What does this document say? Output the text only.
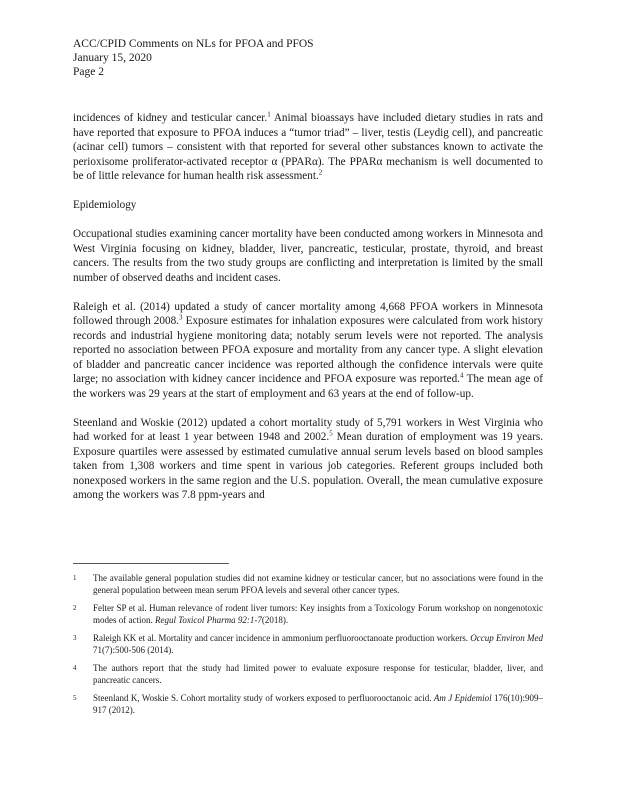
ACC/CPID Comments on NLs for PFOA and PFOS
January 15, 2020
Page 2

incidences of kidney and testicular cancer.$^1$ Animal bioassays have included dietary studies in rats and have reported that exposure to PFOA induces a “tumor triad” – liver, testis (Leydig cell), and pancreatic (acinar cell) tumors – consistent with that reported for several other substances known to activate the perioxisome proliferator-activated receptor α (PPARα). The PPARα mechanism is well documented to be of little relevance for human health risk assessment.$^2$

Epidemiology

Occupational studies examining cancer mortality have been conducted among workers in Minnesota and West Virginia focusing on kidney, bladder, liver, pancreatic, testicular, prostate, thyroid, and breast cancers. The results from the two study groups are conflicting and interpretation is limited by the small number of observed deaths and incident cases.

Raleigh et al. (2014) updated a study of cancer mortality among 4,668 PFOA workers in Minnesota followed through 2008.$^3$ Exposure estimates for inhalation exposures were calculated from work history records and industrial hygiene monitoring data; notably serum levels were not reported. The analysis reported no association between PFOA exposure and mortality from any cancer type. A slight elevation of bladder and pancreatic cancer incidence was reported although the confidence intervals were quite large; no association with kidney cancer incidence and PFOA exposure was reported.$^4$ The mean age of the workers was 29 years at the start of employment and 63 years at the end of follow-up.

Steenland and Woskie (2012) updated a cohort mortality study of 5,791 workers in West Virginia who had worked for at least 1 year between 1948 and 2002.$^5$ Mean duration of employment was 19 years. Exposure quartiles were assessed by estimated cumulative annual serum levels based on blood samples taken from 1,308 workers and time spent in various job categories. Referent groups included both nonexposed workers in the same region and the U.S. population. Overall, the mean cumulative exposure among the workers was 7.8 ppm-years and

1 The available general population studies did not examine kidney or testicular cancer, but no associations were found in the general population between mean serum PFOA levels and several other cancer types.
2 Felter SP et al. Human relevance of rodent liver tumors: Key insights from a Toxicology Forum workshop on nongenotoxic modes of action. Regul Toxicol Pharma 92:1-7(2018).
3 Raleigh KK et al. Mortality and cancer incidence in ammonium perfluorooctanoate production workers. Occup Environ Med 71(7):500-506 (2014).
4 The authors report that the study had limited power to evaluate exposure response for testicular, bladder, liver, and pancreatic cancers.
5 Steenland K, Woskie S. Cohort mortality study of workers exposed to perfluorooctanoic acid. Am J Epidemiol 176(10):909–917 (2012).
